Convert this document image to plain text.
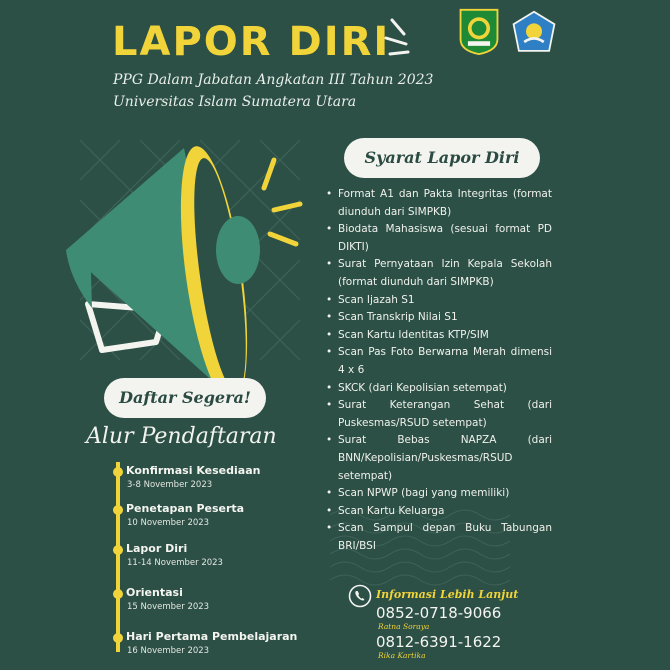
LAPOR DIRI
PPG Dalam Jabatan Angkatan III Tahun 2023
Universitas Islam Sumatera Utara
Syarat Lapor Diri
• Format A1 dan Pakta Integritas (format diunduh dari SIMPKB)
• Biodata Mahasiswa (sesuai format PD DIKTI)
• Surat Pernyataan Izin Kepala Sekolah (format diunduh dari SIMPKB)
• Scan Ijazah S1
• Scan Transkrip Nilai S1
• Scan Kartu Identitas KTP/SIM
• Scan Pas Foto Berwarna Merah dimensi 4 x 6
• SKCK (dari Kepolisian setempat)
• Surat Keterangan Sehat (dari Puskesmas/RSUD setempat)
• Surat Bebas NAPZA (dari BNN/Kepolisian/Puskesmas/RSUD setempat)
• Scan NPWP (bagi yang memiliki)
• Scan Kartu Keluarga
• Scan Sampul depan Buku Tabungan BRI/BSI
Daftar Segera!
Alur Pendaftaran
Konfirmasi Kesediaan
3-8 November 2023
Penetapan Peserta
10 November 2023
Lapor Diri
11-14 November 2023
Orientasi
15 November 2023
Hari Pertama Pembelajaran
16 November 2023
Informasi Lebih Lanjut
0852-0718-9066
Ratna Soraya
0812-6391-1622
Rika Kartika
